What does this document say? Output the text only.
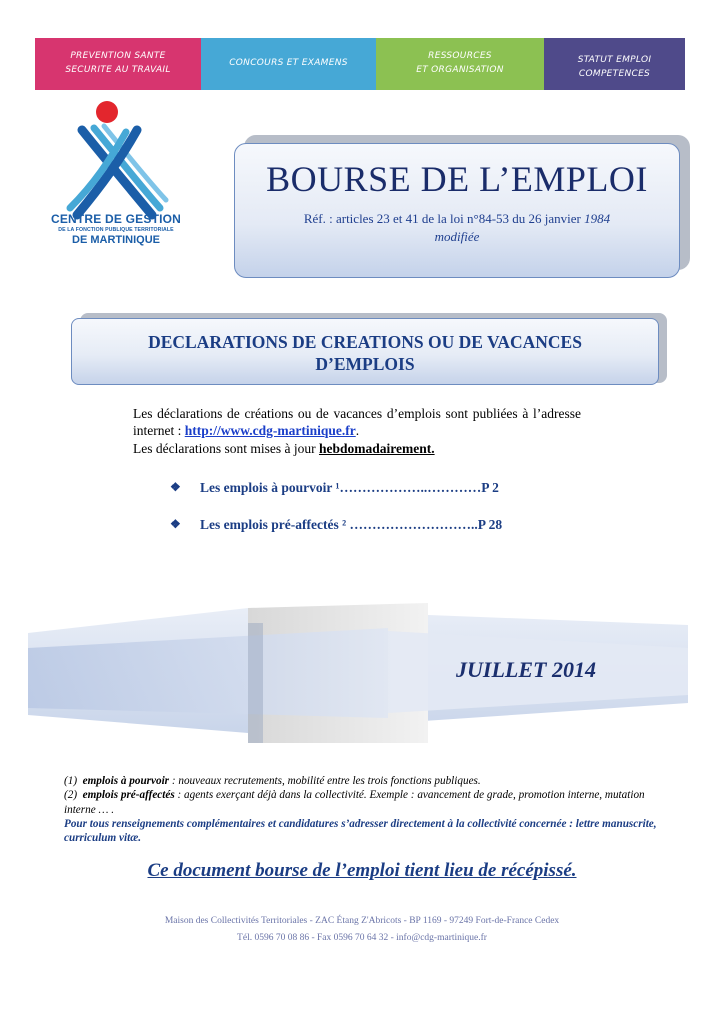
PREVENTION SANTE
SECURITE AU TRAVAIL
CONCOURS ET EXAMENS
RESSOURCES
ET ORGANISATION
STATUT EMPLOI
COMPETENCES
CENTRE DE GESTION
DE LA FONCTION PUBLIQUE TERRITORIALE
DE MARTINIQUE
BOURSE DE L’EMPLOI
Réf. : articles 23 et 41 de la loi n°84-53 du 26 janvier 1984
modifiée
DECLARATIONS DE CREATIONS OU DE VACANCES
D’EMPLOIS
Les déclarations de créations ou de vacances d’emplois sont publiées à l’adresse internet : http://www.cdg-martinique.fr.
Les déclarations sont mises à jour hebdomadairement.
❖	Les emplois à pourvoir ¹………………..…………P 2
❖	Les emplois pré-affectés ² ………………………..P 28
JUILLET 2014
(1) emplois à pourvoir : nouveaux recrutements, mobilité entre les trois fonctions publiques.
(2) emplois pré-affectés : agents exerçant déjà dans la collectivité. Exemple : avancement de grade, promotion interne, mutation interne … .
Pour tous renseignements complémentaires et candidatures s’adresser directement à la collectivité concernée : lettre manuscrite, curriculum vitæ.
Ce document bourse de l’emploi tient lieu de récépissé.
Maison des Collectivités Territoriales - ZAC Étang Z'Abricots - BP 1169 - 97249 Fort-de-France Cedex
Tél. 0596 70 08 86 - Fax 0596 70 64 32 - info@cdg-martinique.fr
